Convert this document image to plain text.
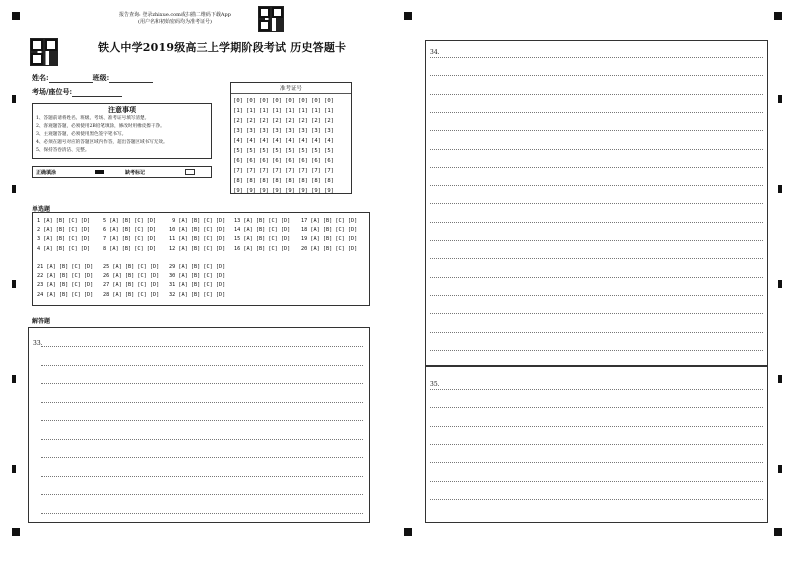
报告查询: 登录zhixue.com或扫描二维码下载App
(用户名和初始密码均为准考证号)
铁人中学2019级高三上学期阶段考试 历史答题卡
姓名:	班级:
考场/座位号:
注意事项
1、答题前请将姓名、班级、考场、准考证号填写清楚。
2、客观题答题，必须使用2B铅笔填涂，修改时用橡皮擦干净。
3、主观题答题，必须使用黑色签字笔书写。
4、必须在题号对应的答题区域内作答，超出答题区域书写无效。
5、保持答卷清洁、完整。
正确填涂	缺考标记
准考证号
[0]
[1]
[2]
[3]
[4]
[5]
[6]
[7]
[8]
[9]
[0]
[1]
[2]
[3]
[4]
[5]
[6]
[7]
[8]
[9]
[0]
[1]
[2]
[3]
[4]
[5]
[6]
[7]
[8]
[9]
[0]
[1]
[2]
[3]
[4]
[5]
[6]
[7]
[8]
[9]
[0]
[1]
[2]
[3]
[4]
[5]
[6]
[7]
[8]
[9]
[0]
[1]
[2]
[3]
[4]
[5]
[6]
[7]
[8]
[9]
[0]
[1]
[2]
[3]
[4]
[5]
[6]
[7]
[8]
[9]
[0]
[1]
[2]
[3]
[4]
[5]
[6]
[7]
[8]
[9]
单选题
1 [A] [B] [C] [D]
2 [A] [B] [C] [D]
3 [A] [B] [C] [D]
4 [A] [B] [C] [D]
5 [A] [B] [C] [D]
6 [A] [B] [C] [D]
7 [A] [B] [C] [D]
8 [A] [B] [C] [D]
9 [A] [B] [C] [D]
10 [A] [B] [C] [D]
11 [A] [B] [C] [D]
12 [A] [B] [C] [D]
13 [A] [B] [C] [D]
14 [A] [B] [C] [D]
15 [A] [B] [C] [D]
16 [A] [B] [C] [D]
17 [A] [B] [C] [D]
18 [A] [B] [C] [D]
19 [A] [B] [C] [D]
20 [A] [B] [C] [D]
21 [A] [B] [C] [D]
22 [A] [B] [C] [D]
23 [A] [B] [C] [D]
24 [A] [B] [C] [D]
25 [A] [B] [C] [D]
26 [A] [B] [C] [D]
27 [A] [B] [C] [D]
28 [A] [B] [C] [D]
29 [A] [B] [C] [D]
30 [A] [B] [C] [D]
31 [A] [B] [C] [D]
32 [A] [B] [C] [D]
解答题
33.
34.
35.
